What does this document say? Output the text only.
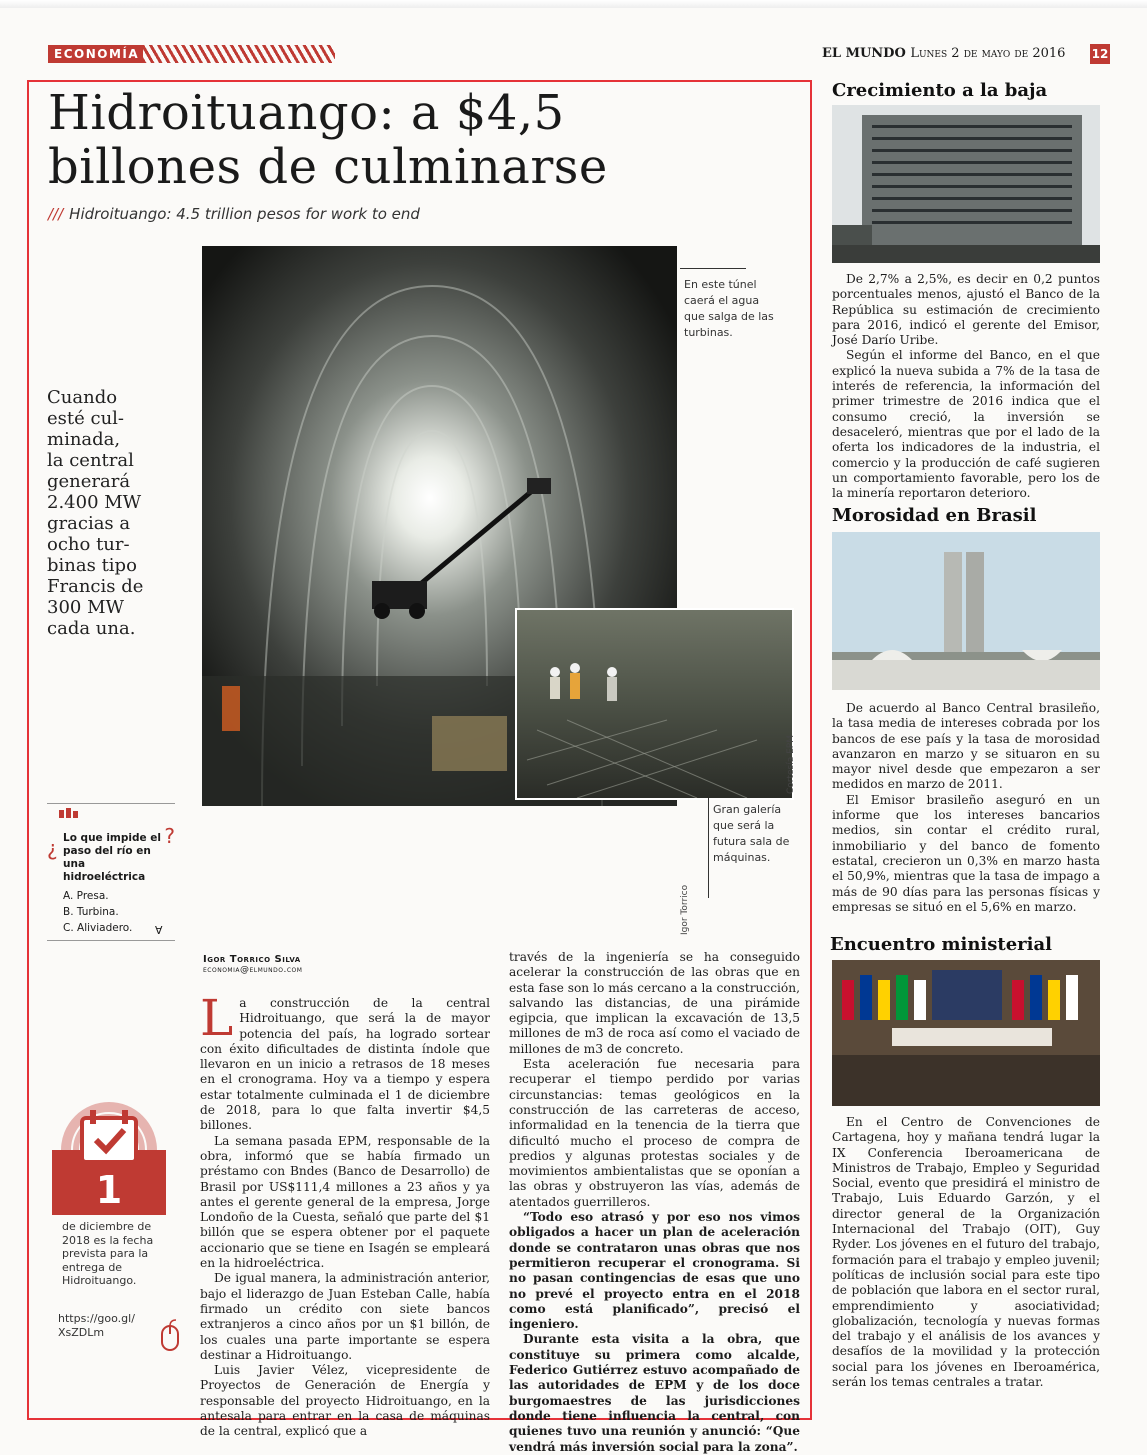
ECONOMÍA	EL MUNDO Lunes 2 de mayo de 2016 12
Hidroituango: a $4,5
billones de culminarse
/// Hidroituango: 4.5 trillion pesos for work to end
Cuando
esté cul-
minada,
la central
generará
2.400 MW
gracias a
ocho tur-
binas tipo
Francis de
300 MW
cada una.
En este túnel
caerá el agua
que salga de las
turbinas.
Cortesía EPM
Gran galería
que será la
futura sala de
máquinas.
Igor Torrico
¿	?
Lo que impide el paso del río en una hidroeléctrica
A. Presa.
B. Turbina.
C. Aliviadero.	A
Igor Torrico Silva
economia@elmundo.com
L a construcción de la central Hidroituango, que será la de mayor potencia del país, ha logrado sortear con éxito dificultades de distinta índole que llevaron en un inicio a retrasos de 18 meses en el cronograma. Hoy va a tiempo y espera estar totalmente culminada el 1 de diciembre de 2018, para lo que falta invertir $4,5 billones.

La semana pasada EPM, responsable de la obra, informó que se había firmado un préstamo con Bndes (Banco de Desarrollo) de Brasil por US$111,4 millones a 23 años y ya antes el gerente general de la empresa, Jorge Londoño de la Cuesta, señaló que parte del $1 billón que se espera obtener por el paquete accionario que se tiene en Isagén se empleará en la hidroeléctrica.

De igual manera, la administración anterior, bajo el liderazgo de Juan Esteban Calle, había firmado un crédito con siete bancos extranjeros a cinco años por un $1 billón, de los cuales una parte importante se espera destinar a Hidroituango.

Luis Javier Vélez, vicepresidente de Proyectos de Generación de Energía y responsable del proyecto Hidroituango, en la antesala para entrar en la casa de máquinas de la central, explicó que a

través de la ingeniería se ha conseguido acelerar la construcción de las obras que en esta fase son lo más cercano a la construcción, salvando las distancias, de una pirámide egipcia, que implican la excavación de 13,5 millones de m3 de roca así como el vaciado de millones de m3 de concreto.

Esta aceleración fue necesaria para recuperar el tiempo perdido por varias circunstancias: temas geológicos en la construcción de las carreteras de acceso, informalidad en la tenencia de la tierra que dificultó mucho el proceso de compra de predios y algunas protestas sociales y de movimientos ambientalistas que se oponían a las obras y obstruyeron las vías, además de atentados guerrilleros.

“Todo eso atrasó y por eso nos vimos obligados a hacer un plan de aceleración donde se contrataron unas obras que nos permitieron recuperar el cronograma. Si no pasan contingencias de esas que uno no prevé el proyecto entra en el 2018 como está planificado”, precisó el ingeniero.

Durante esta visita a la obra, que constituye su primera como alcalde, Federico Gutiérrez estuvo acompañado de las autoridades de EPM y de los doce burgomaestres de las jurisdicciones donde tiene influencia la central, con quienes tuvo una reunión y anunció: “Que vendrá más inversión social para la zona”.

1
de diciembre de 2018 es la fecha prevista para la entrega de Hidroituango.
https://goo.gl/
XsZDLm
Crecimiento a la baja

De 2,7% a 2,5%, es decir en 0,2 puntos porcentuales menos, ajustó el Banco de la República su estimación de crecimiento para 2016, indicó el gerente del Emisor, José Darío Uribe.

Según el informe del Banco, en el que explicó la nueva subida a 7% de la tasa de interés de referencia, la información del primer trimestre de 2016 indica que el consumo creció, la inversión se desaceleró, mientras que por el lado de la oferta los indicadores de la industria, el comercio y la producción de café sugieren un comportamiento favorable, pero los de la minería reportaron deterioro.

Morosidad en Brasil

De acuerdo al Banco Central brasileño, la tasa media de intereses cobrada por los bancos de ese país y la tasa de morosidad avanzaron en marzo y se situaron en su mayor nivel desde que empezaron a ser medidos en marzo de 2011.

El Emisor brasileño aseguró en un informe que los intereses bancarios medios, sin contar el crédito rural, inmobiliario y del banco de fomento estatal, crecieron un 0,3% en marzo hasta el 50,9%, mientras que la tasa de impago a más de 90 días para las personas físicas y empresas se situó en el 5,6% en marzo.

Encuentro ministerial

En el Centro de Convenciones de Cartagena, hoy y mañana tendrá lugar la IX Conferencia Iberoamericana de Ministros de Trabajo, Empleo y Seguridad Social, evento que presidirá el ministro de Trabajo, Luis Eduardo Garzón, y el director general de la Organización Internacional del Trabajo (OIT), Guy Ryder. Los jóvenes en el futuro del trabajo, formación para el trabajo y empleo juvenil; políticas de inclusión social para este tipo de población que labora en el sector rural, emprendimiento y asociatividad; globalización, tecnología y nuevas formas del trabajo y el análisis de los avances y desafíos de la movilidad y la protección social para los jóvenes en Iberoamérica, serán los temas centrales a tratar.
